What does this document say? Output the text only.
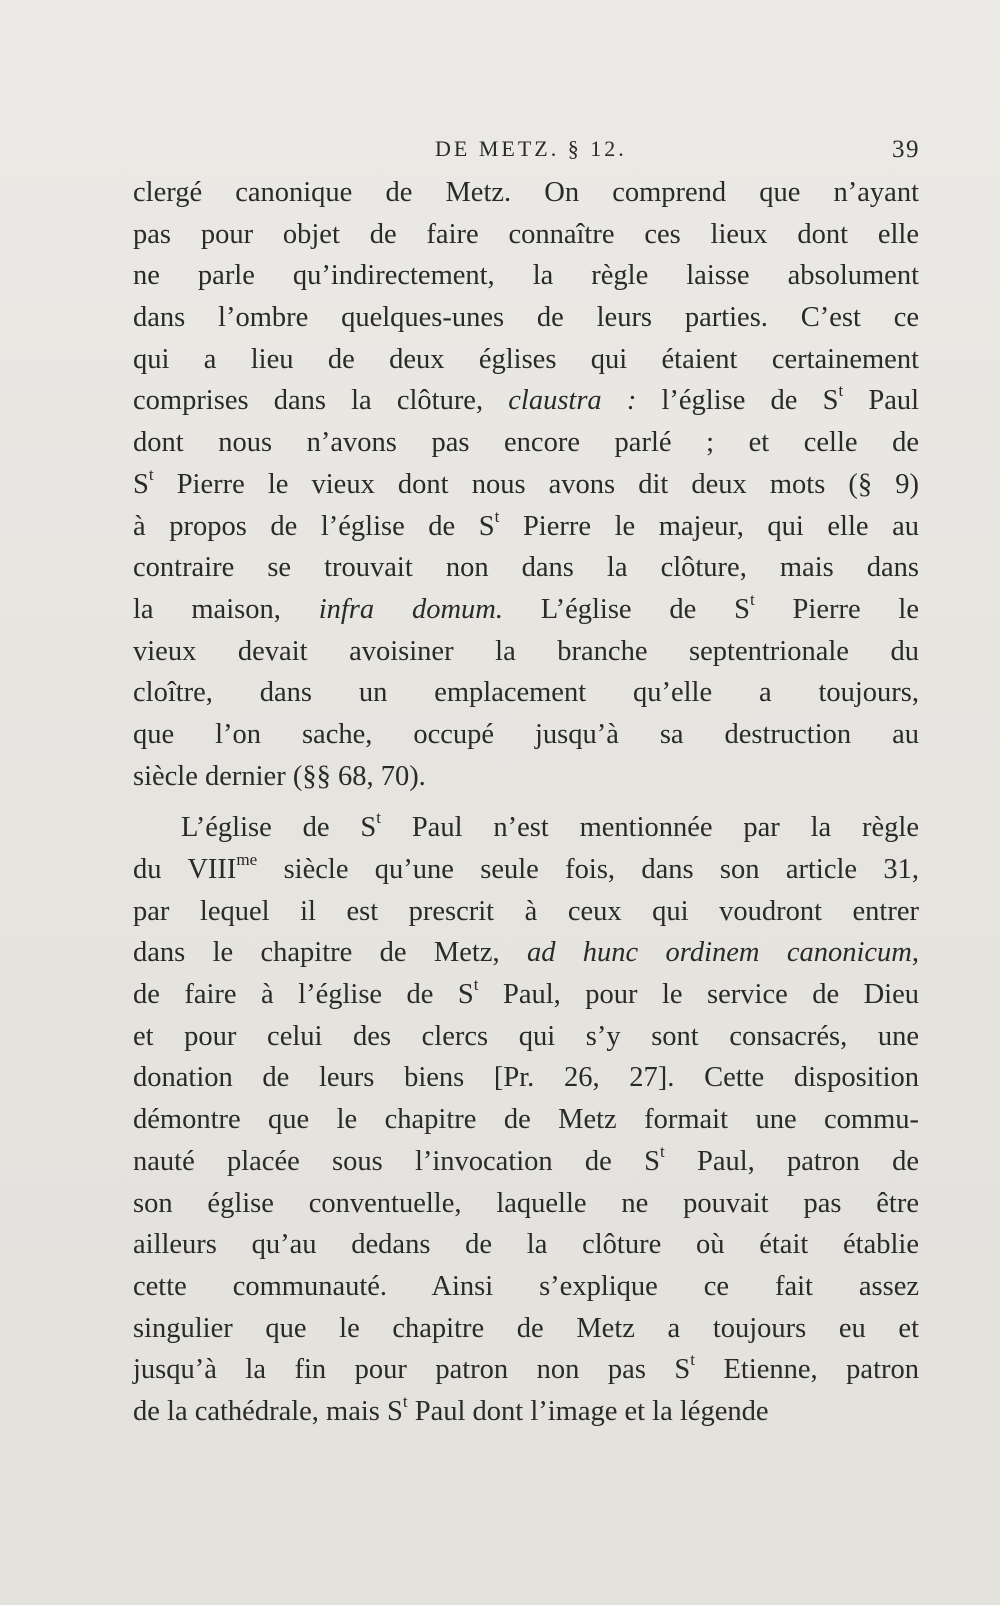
DE METZ. § 12.	39
clergé canonique de Metz. On comprend que n’ayant
pas pour objet de faire connaître ces lieux dont elle
ne parle qu’indirectement, la règle laisse absolument
dans l’ombre quelques-unes de leurs parties. C’est ce
qui a lieu de deux églises qui étaient certainement
comprises dans la clôture, claustra : l’église de $S^t$ Paul
dont nous n’avons pas encore parlé ; et celle de
$S^t$ Pierre le vieux dont nous avons dit deux mots (§ 9)
à propos de l’église de $S^t$ Pierre le majeur, qui elle au
contraire se trouvait non dans la clôture, mais dans
la maison, infra domum. L’église de $S^t$ Pierre le
vieux devait avoisiner la branche septentrionale du
cloître, dans un emplacement qu’elle a toujours,
que l’on sache, occupé jusqu’à sa destruction au
siècle dernier (§§ 68, 70).
L’église de $S^t$ Paul n’est mentionnée par la règle
du $VIII^{me}$ siècle qu’une seule fois, dans son article 31,
par lequel il est prescrit à ceux qui voudront entrer
dans le chapitre de Metz, ad hunc ordinem canonicum,
de faire à l’église de $S^t$ Paul, pour le service de Dieu
et pour celui des clercs qui s’y sont consacrés, une
donation de leurs biens [Pr. 26, 27]. Cette disposition
démontre que le chapitre de Metz formait une commu-
nauté placée sous l’invocation de $S^t$ Paul, patron de
son église conventuelle, laquelle ne pouvait pas être
ailleurs qu’au dedans de la clôture où était établie
cette communauté. Ainsi s’explique ce fait assez
singulier que le chapitre de Metz a toujours eu et
jusqu’à la fin pour patron non pas $S^t$ Etienne, patron
de la cathédrale, mais $S^t$ Paul dont l’image et la légende
